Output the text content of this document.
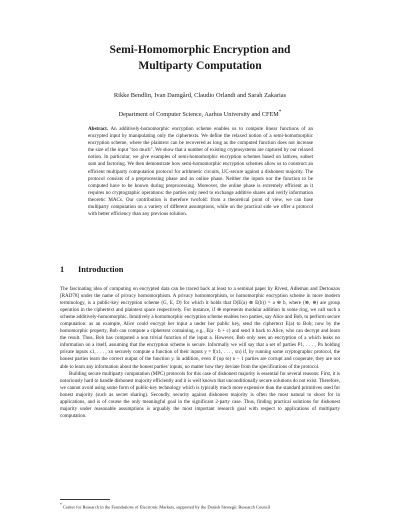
Semi-Homomorphic Encryption and
Multiparty Computation
Rikke Bendlin, Ivan Damgård, Claudio Orlandi and Sarah Zakarias
Department of Computer Science, Aarhus University and CFEM*
Abstract. An additively-homomorphic encryption scheme enables us to compute linear functions of an encrypted input by manipulating only the ciphertexts. We define the relaxed notion of a semi-homomorphic encryption scheme, where the plaintext can be recovered as long as the computed function does not increase the size of the input "too much". We show that a number of existing cryptosystems are captured by our relaxed notion. In particular, we give examples of semi-homomorphic encryption schemes based on lattices, subset sum and factoring. We then demonstrate how semi-homomorphic encryption schemes allow us to construct an efficient multiparty computation protocol for arithmetic circuits, UC-secure against a dishonest majority. The protocol consists of a preprocessing phase and an online phase. Neither the inputs nor the function to be computed have to be known during preprocessing. Moreover, the online phase is extremely efficient as it requires no cryptographic operations: the parties only need to exchange additive shares and verify information theoretic MACs. Our contribution is therefore twofold: from a theoretical point of view, we can base multiparty computation on a variety of different assumptions, while on the practical side we offer a protocol with better efficiency than any previous solution.
1 Introduction

The fascinating idea of computing on encrypted data can be traced back at least to a seminal paper by Rivest, Adleman and Dertouzos [RAD78] under the name of privacy homomorphism. A privacy homomorphism, or homomorphic encryption scheme in more modern terminology, is a public-key encryption scheme (G, E, D) for which it holds that D(E(a) ⊗ E(b)) = a ⊕ b, where (⊗, ⊕) are group operation in the ciphertext and plaintext space respectively. For instance, if ⊕ represents modular addition in some ring, we call such a scheme additively-homomorphic. Intuitively a homomorphic encryption scheme enables two parties, say Alice and Bob, to perform secure computation: as an example, Alice could encrypt her input a under her public key, send the ciphertext E(a) to Bob; now by the homomorphic property, Bob can compute a ciphertext containing, e.g., E(a · b + c) and send it back to Alice, who can decrypt and learn the result. Thus, Bob has computed a non trivial function of the input a. However, Bob only sees an encryption of a which leaks no information on a itself, assuming that the encryption scheme is secure. Informally we will say that a set of parties P1, . . . , Pn holding private inputs x1, . . . , xn securely compute a function of their inputs y = f(x1, . . . , xn) if, by running some cryptographic protocol, the honest parties learn the correct output of the function y. In addition, even if (up to) n − 1 parties are corrupt and cooperate, they are not able to learn any information about the honest parties' inputs, no matter how they deviate from the specifications of the protocol.

Building secure multiparty computation (MPC) protocols for this case of dishonest majority is essential for several reasons: First, it is notoriously hard to handle dishonest majority efficiently and it is well known that unconditionally secure solutions do not exist. Therefore, we cannot avoid using some form of public-key technology which is typically much more expensive than the standard primitives used for honest majority (such as secret sharing). Secondly, security against dishonest majority is often the most natural to shoot for in applications, and is of course the only meaningful goal in the significant 2-party case. Thus, finding practical solutions for dishonest majority under reasonable assumptions is arguably the most important research goal with respect to applications of multiparty computation.

* Center for Research in the Foundations of Electronic Markets, supported by the Danish Strategic Research Council
